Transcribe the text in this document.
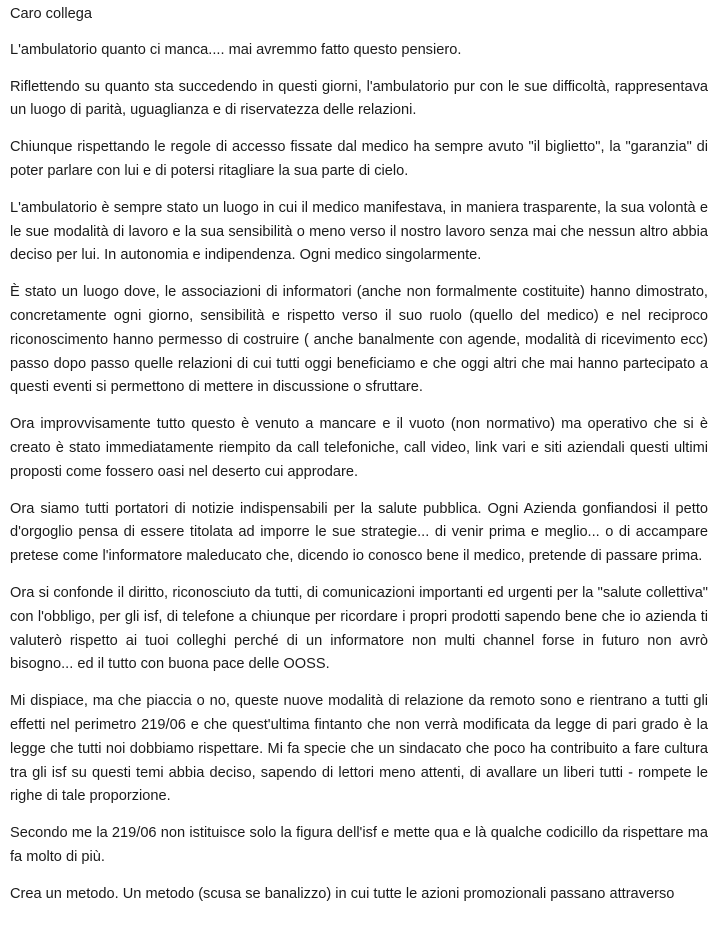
Caro collega

L'ambulatorio quanto ci manca.... mai avremmo fatto questo pensiero.

Riflettendo su quanto sta succedendo in questi giorni, l'ambulatorio pur con le sue difficoltà, rappresentava un luogo di parità, uguaglianza e di riservatezza delle relazioni.

Chiunque rispettando le regole di accesso fissate dal medico ha sempre avuto "il biglietto", la "garanzia" di poter parlare con lui e di potersi ritagliare la sua parte di cielo.

L'ambulatorio è sempre stato un luogo in cui il medico manifestava, in maniera trasparente, la sua volontà e le sue modalità di lavoro e la sua sensibilità o meno verso il nostro lavoro senza mai che nessun altro abbia deciso per lui. In autonomia e indipendenza. Ogni medico singolarmente.

È stato un luogo dove, le associazioni di informatori (anche non formalmente costituite) hanno dimostrato, concretamente ogni giorno, sensibilità e rispetto verso il suo ruolo (quello del medico) e nel reciproco riconoscimento hanno permesso di costruire ( anche banalmente con agende, modalità di ricevimento ecc) passo dopo passo quelle relazioni di cui tutti oggi beneficiamo e che oggi altri che mai hanno partecipato a questi eventi si permettono di mettere in discussione o sfruttare.

Ora improvvisamente tutto questo è venuto a mancare e il vuoto (non normativo) ma operativo che si è creato è stato immediatamente riempito da call telefoniche, call video, link vari e siti aziendali questi ultimi proposti come fossero oasi nel deserto cui approdare.

Ora siamo tutti portatori di notizie indispensabili per la salute pubblica. Ogni Azienda gonfiandosi il petto d'orgoglio pensa di essere titolata ad imporre le sue strategie... di venir prima e meglio... o di accampare pretese come l'informatore maleducato che, dicendo io conosco bene il medico, pretende di passare prima.

Ora si confonde il diritto, riconosciuto da tutti, di comunicazioni importanti ed urgenti per la "salute collettiva" con l'obbligo, per gli isf, di telefone a chiunque per ricordare i propri prodotti sapendo bene che io azienda ti valuterò rispetto ai tuoi colleghi perché di un informatore non multi channel forse in futuro non avrò bisogno... ed il tutto con buona pace delle OOSS.

Mi dispiace, ma che piaccia o no, queste nuove modalità di relazione da remoto sono e rientrano a tutti gli effetti nel perimetro 219/06 e che quest'ultima fintanto che non verrà modificata da legge di pari grado è la legge che tutti noi dobbiamo rispettare. Mi fa specie che un sindacato che poco ha contribuito a fare cultura tra gli isf su questi temi abbia deciso, sapendo di lettori meno attenti, di avallare un liberi tutti - rompete le righe di tale proporzione.

Secondo me la 219/06 non istituisce solo la figura dell'isf e mette qua e là qualche codicillo da rispettare ma fa molto di più.

Crea un metodo. Un metodo (scusa se banalizzo) in cui tutte le azioni promozionali passano attraverso
